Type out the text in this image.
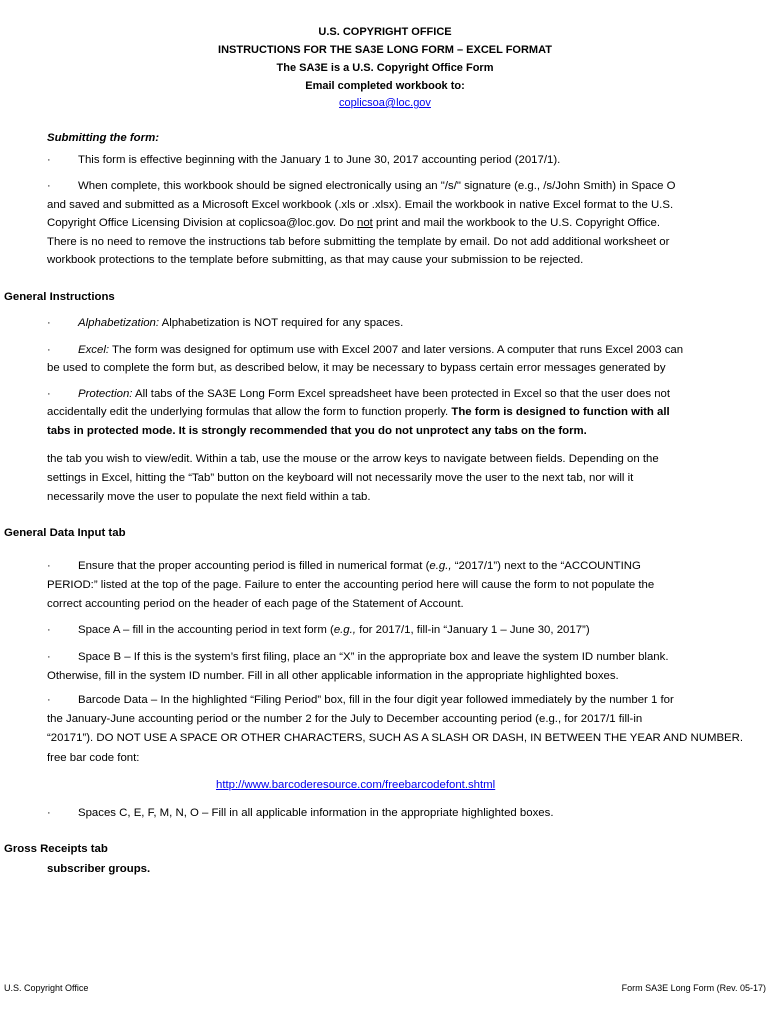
U.S. COPYRIGHT OFFICE
INSTRUCTIONS FOR THE SA3E LONG FORM – EXCEL FORMAT
The SA3E is a U.S. Copyright Office Form
Email completed workbook to:
coplicsoa@loc.gov
Submitting the form:
· This form is effective beginning with the January 1 to June 30, 2017 accounting period (2017/1).
· When complete, this workbook should be signed electronically using an "/s/" signature (e.g., /s/John Smith) in Space O
and saved and submitted as a Microsoft Excel workbook (.xls or .xlsx). Email the workbook in native Excel format to the U.S.
Copyright Office Licensing Division at coplicsoa@loc.gov. Do not print and mail the workbook to the U.S. Copyright Office.
There is no need to remove the instructions tab before submitting the template by email. Do not add additional worksheet or
workbook protections to the template before submitting, as that may cause your submission to be rejected.
General Instructions
· Alphabetization: Alphabetization is NOT required for any spaces.
· Excel: The form was designed for optimum use with Excel 2007 and later versions. A computer that runs Excel 2003 can
be used to complete the form but, as described below, it may be necessary to bypass certain error messages generated by
· Protection: All tabs of the SA3E Long Form Excel spreadsheet have been protected in Excel so that the user does not
accidentally edit the underlying formulas that allow the form to function properly. The form is designed to function with all
tabs in protected mode. It is strongly recommended that you do not unprotect any tabs on the form.
the tab you wish to view/edit. Within a tab, use the mouse or the arrow keys to navigate between fields. Depending on the
settings in Excel, hitting the “Tab” button on the keyboard will not necessarily move the user to the next tab, nor will it
necessarily move the user to populate the next field within a tab.
General Data Input tab
· Ensure that the proper accounting period is filled in numerical format (e.g., “2017/1”) next to the “ACCOUNTING
PERIOD:” listed at the top of the page. Failure to enter the accounting period here will cause the form to not populate the
correct accounting period on the header of each page of the Statement of Account.
· Space A – fill in the accounting period in text form (e.g., for 2017/1, fill-in “January 1 – June 30, 2017”)
· Space B – If this is the system’s first filing, place an “X” in the appropriate box and leave the system ID number blank.
Otherwise, fill in the system ID number. Fill in all other applicable information in the appropriate highlighted boxes.
· Barcode Data – In the highlighted “Filing Period” box, fill in the four digit year followed immediately by the number 1 for
the January-June accounting period or the number 2 for the July to December accounting period (e.g., for 2017/1 fill-in
“20171”). DO NOT USE A SPACE OR OTHER CHARACTERS, SUCH AS A SLASH OR DASH, IN BETWEEN THE YEAR AND NUMBER.
free bar code font:
http://www.barcoderesource.com/freebarcodefont.shtml
· Spaces C, E, F, M, N, O – Fill in all applicable information in the appropriate highlighted boxes.
Gross Receipts tab
subscriber groups.
U.S. Copyright Office	Form SA3E Long Form (Rev. 05-17)
